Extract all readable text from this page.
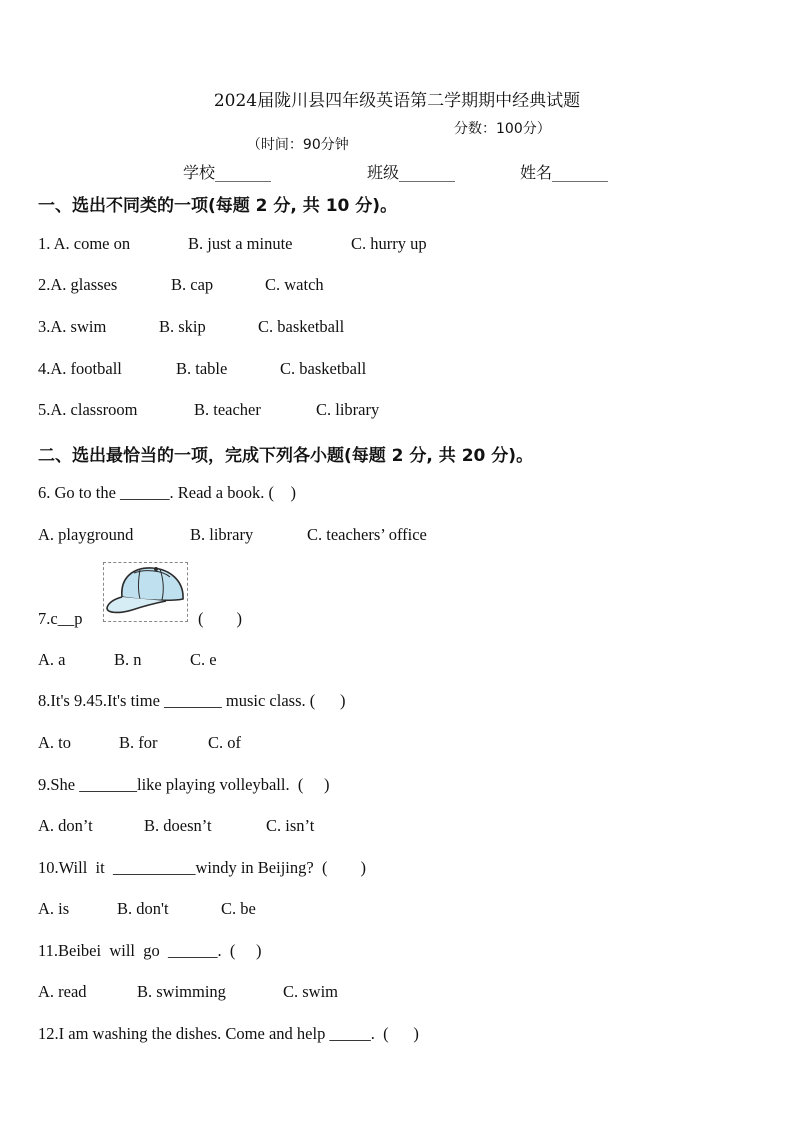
2024届陇川县四年级英语第二学期期中经典试题

（时间：90分钟

分数：100分）

学校_______	班级_______	姓名_______
一、选出不同类的一项(每题 2 分, 共 10 分)。
1. A. come on	B. just a minute	C. hurry up
2.A. glasses	B. cap	C. watch
3.A. swim	B. skip	C. basketball
4.A. football	B. table	C. basketball
5.A. classroom	B. teacher	C. library
二、选出最恰当的一项，完成下列各小题(每题 2 分, 共 20 分)。
6. Go to the ______. Read a book. (    )
A. playground	B. library	C. teachers’ office
7.c__p	(        )
A. a	B. n	C. e
8.It's 9.45.It's time _______ music class. (      )
A. to	B. for	C. of
9.She _______like playing volleyball.  (     )
A. don’t	B. doesn’t	C. isn’t
10.Will  it  __________windy in Beijing?  (        )
A. is	B. don't	C. be
11.Beibei  will  go  ______.  (     )
A. read	B. swimming	C. swim
12.I am washing the dishes. Come and help _____.  (      )
